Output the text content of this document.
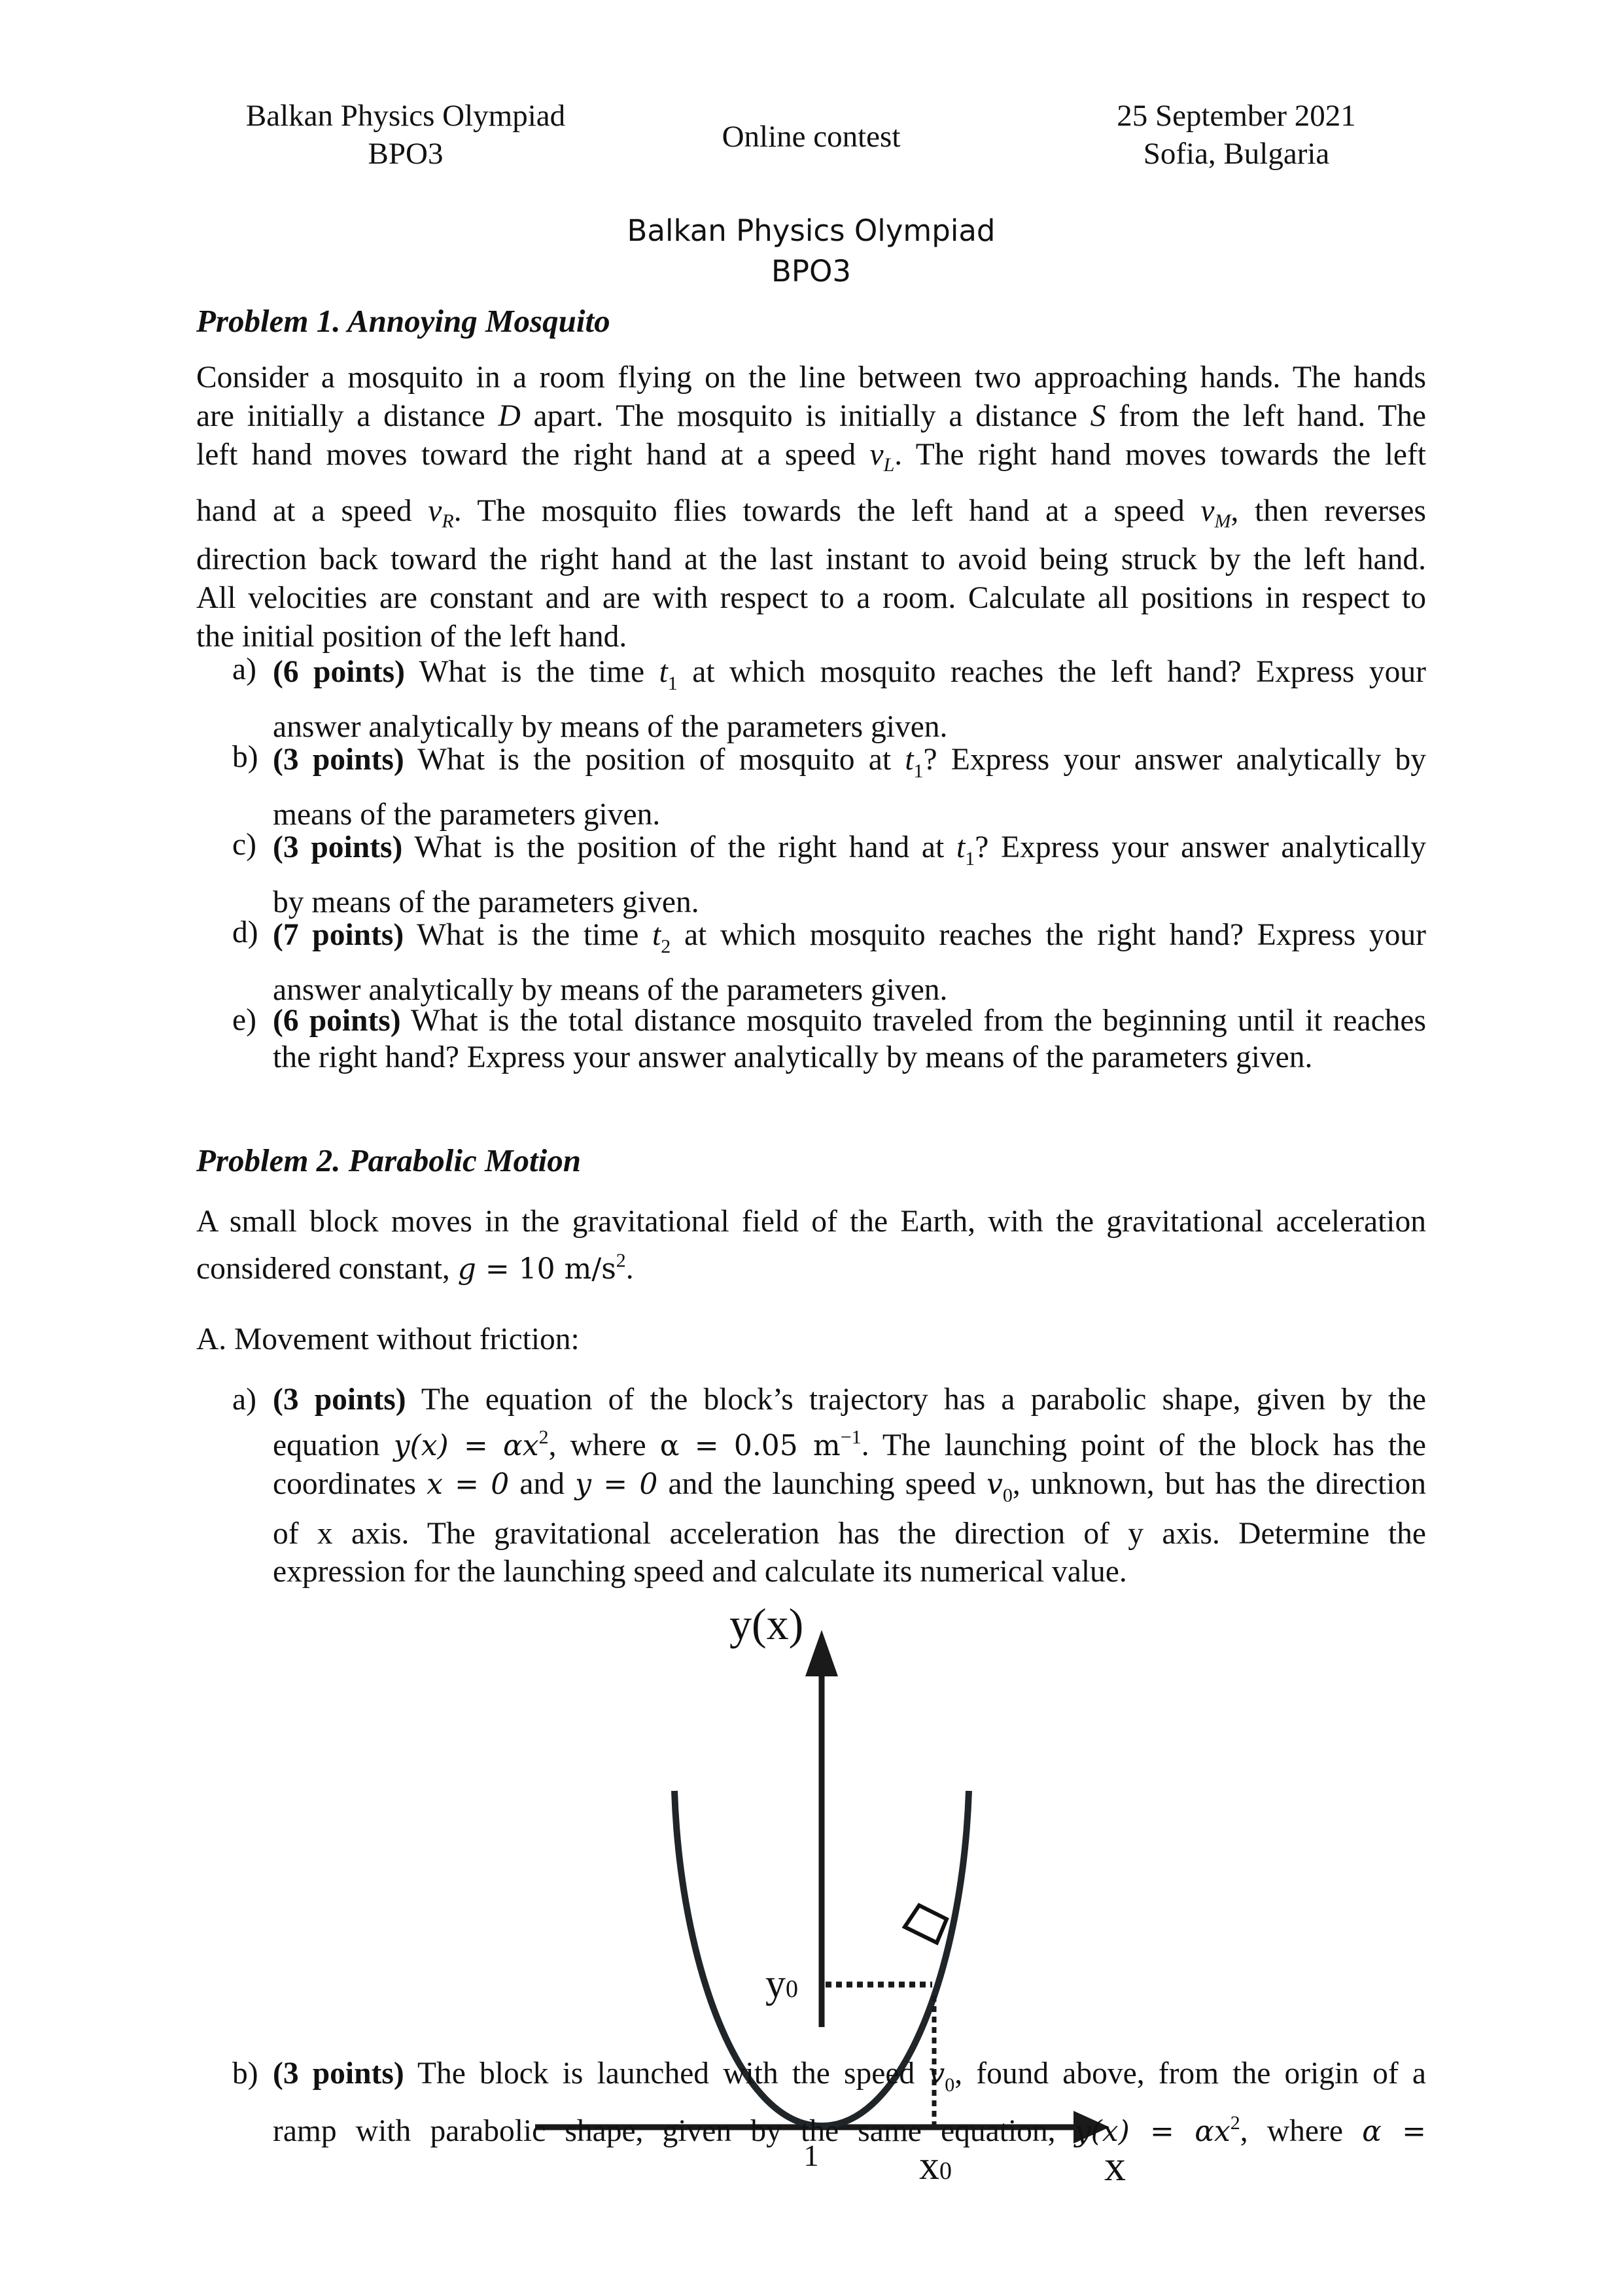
Balkan Physics Olympiad
BPO3	Online contest
25 September 2021
Sofia, Bulgaria
Balkan Physics Olympiad
BPO3
Problem 1. Annoying Mosquito
Consider a mosquito in a room flying on the line between two approaching hands. The hands
are initially a distance D apart. The mosquito is initially a distance S from the left hand. The
left hand moves toward the right hand at a speed $v_L$. The right hand moves towards the left
hand at a speed $v_R$. The mosquito flies towards the left hand at a speed $v_M$, then reverses
direction back toward the right hand at the last instant to avoid being struck by the left hand.
All velocities are constant and are with respect to a room. Calculate all positions in respect to
the initial position of the left hand.
a) (6 points) What is the time $t_1$ at which mosquito reaches the left hand? Express your
answer analytically by means of the parameters given.
b) (3 points) What is the position of mosquito at $t_1$? Express your answer analytically by
means of the parameters given.
c) (3 points) What is the position of the right hand at $t_1$? Express your answer analytically
by means of the parameters given.
d) (7 points) What is the time $t_2$ at which mosquito reaches the right hand? Express your
answer analytically by means of the parameters given.
e) (6 points) What is the total distance mosquito traveled from the beginning until it reaches
the right hand? Express your answer analytically by means of the parameters given.
Problem 2. Parabolic Motion
A small block moves in the gravitational field of the Earth, with the gravitational acceleration
considered constant, g = 10 $m/s^2$.
A. Movement without friction:
a) (3 points) The equation of the block’s trajectory has a parabolic shape, given by the
equation $y(x) = \alpha x^2$, where α = 0.05 $m^{-1}$. The launching point of the block has the
coordinates x = 0 and y = 0 and the launching speed $v_0$, unknown, but has the direction
of x axis. The gravitational acceleration has the direction of y axis. Determine the
expression for the launching speed and calculate its numerical value.
y(x)
y0
x0	x
b) (3 points) The block is launched with the speed $v_0$, found above, from the origin of a
ramp with parabolic shape, given by the same equation, $y(x) = \alpha x^2$, where α =
1
